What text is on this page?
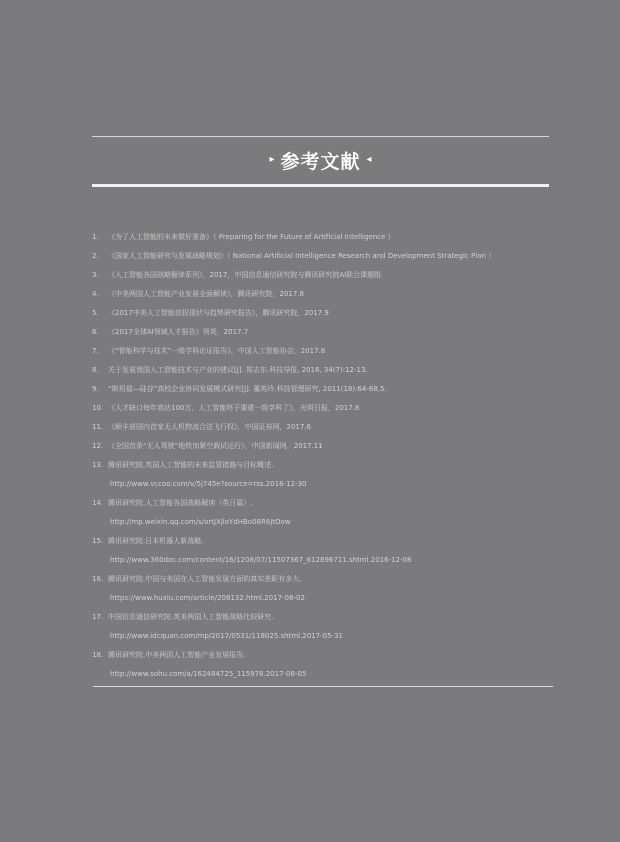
▸ 参考文献 ◂
1. 《为了人工智能的未来做好准备》（ Preparing for the Future of Artificial Intelligence ）
2. 《国家人工智能研究与发展战略规划》（ National Artificial Intelligence Research and Development Strategic Plan ）
3. 《人工智能各国战略解读系列》，2017，中国信息通信研究院与腾讯研究院AI联合课题组
4. 《中美两国人工智能产业发展全面解读》，腾讯研究院，2017.8
5. 《2017中美人工智能创投现状与趋势研究报告》，腾讯研究院，2017.9
6. 《2017全球AI领域人才报告》领英，2017.7
7. 《“智能科学与技术”一级学科论证报告》，中国人工智能协会，2017.8
8. 关于发展我国人工智能技术与产业的建议[J]. 郑志东.科技导报, 2016, 34(7):12-13.
9. “斯坦福—硅谷”高校企业协同发展模式研究[J]. 董英玲.科技管理研究, 2011(18):64-68,5.
10. 《人才缺口每年高达100万，人工智能终于要建一级学科了》，光明日报，2017.8
11. 《顺丰获国内首家无人机物流合法飞行权》，中国证券网，2017.6
12. 《全国首条“无人驾驶”地铁加紧空载试运行》，中国新闻网，2017.11
13. 腾讯研究院.英国人工智能的未来监管措施与目标概述.
http://www.vccoo.com/v/5j745e?source=rss.2016-12-30
14. 腾讯研究院.人工智能各国战略解读（英日篇）.
http://mp.weixin.qq.com/s/ortJXjloYdHBo08R6jtOow
15. 腾讯研究院.日本机器人新战略.
http://www.360doc.com/content/16/1208/07/11507367_612896711.shtml.2016-12-08
16. 腾讯研究院.中国与美国在人工智能发展方面的真实差距有多大.
https://www.huxiu.com/article/208132.html.2017-08-02
17. 中国信息通信研究院.英美两国人工智能战略比较研究.
http://www.idcquan.com/mp/2017/0531/118025.shtml.2017-05-31
18. 腾讯研究院.中美两国人工智能产业发展报告.
http://www.sohu.com/a/162484725_115978.2017-08-05
